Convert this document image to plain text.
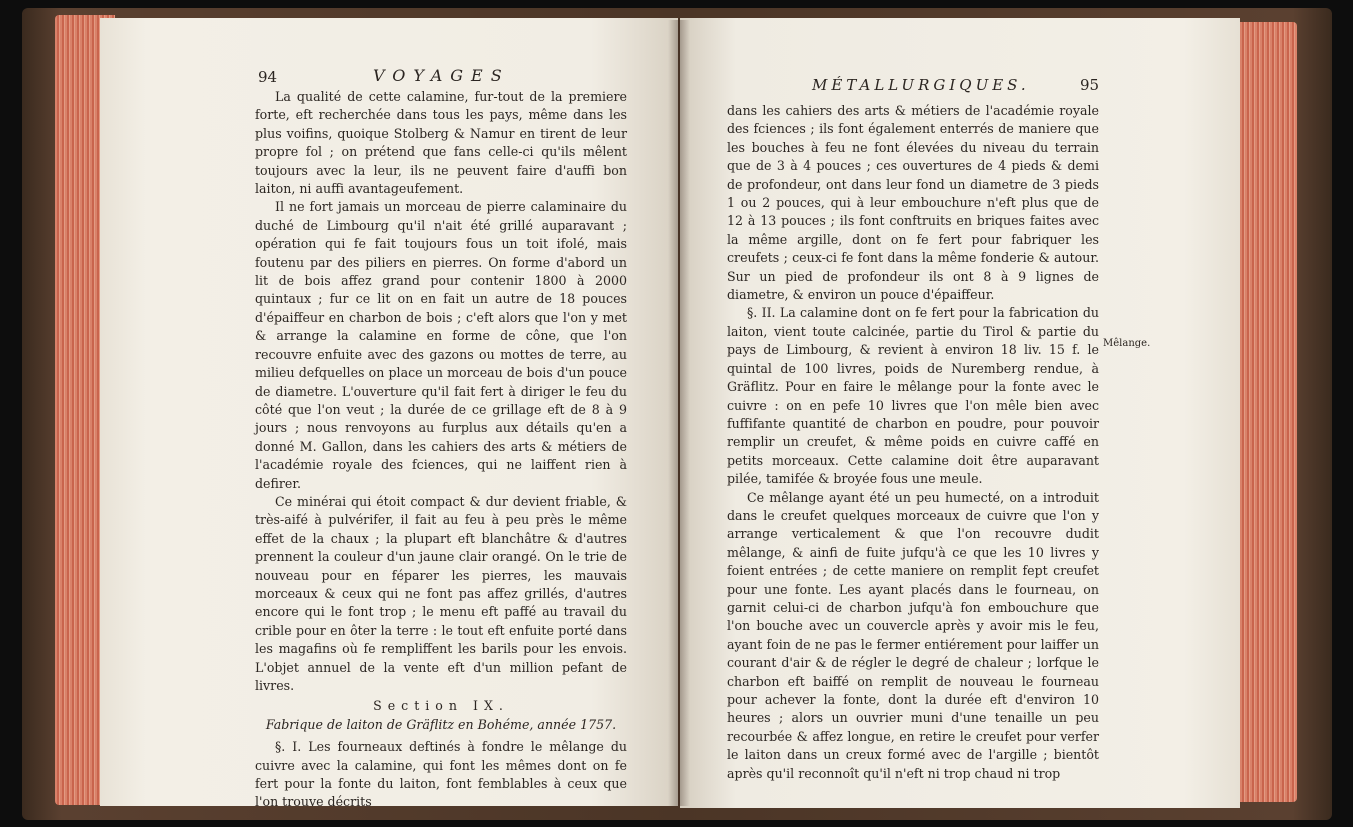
94	VOYAGES

La qualité de cette calamine, fur-tout de la premiere forte, eft recherchée dans tous les pays, même dans les plus voifins, quoique Stolberg & Namur en tirent de leur propre fol ; on prétend que fans celle-ci qu'ils mêlent toujours avec la leur, ils ne peuvent faire d'auffi bon laiton, ni auffi avantageufement.

Il ne fort jamais un morceau de pierre calaminaire du duché de Limbourg qu'il n'ait été grillé auparavant ; opération qui fe fait toujours fous un toit ifolé, mais foutenu par des piliers en pierres. On forme d'abord un lit de bois affez grand pour contenir 1800 à 2000 quintaux ; fur ce lit on en fait un autre de 18 pouces d'épaiffeur en charbon de bois ; c'eft alors que l'on y met & arrange la calamine en forme de cône, que l'on recouvre enfuite avec des gazons ou mottes de terre, au milieu defquelles on place un morceau de bois d'un pouce de diametre. L'ouverture qu'il fait fert à diriger le feu du côté que l'on veut ; la durée de ce grillage eft de 8 à 9 jours ; nous renvoyons au furplus aux détails qu'en a donné M. Gallon, dans les cahiers des arts & métiers de l'académie royale des fciences, qui ne laiffent rien à defirer.

Ce minérai qui étoit compact & dur devient friable, & très-aifé à pulvérifer, il fait au feu à peu près le même effet de la chaux ; la plupart eft blanchâtre & d'autres prennent la couleur d'un jaune clair orangé. On le trie de nouveau pour en féparer les pierres, les mauvais morceaux & ceux qui ne font pas affez grillés, d'autres encore qui le font trop ; le menu eft paffé au travail du crible pour en ôter la terre : le tout eft enfuite porté dans les magafins où fe rempliffent les barils pour les envois. L'objet annuel de la vente eft d'un million pefant de livres.

Section IX.

Fabrique de laiton de Gräflitz en Bohéme, année 1757.

§. I. Les fourneaux deftinés à fondre le mêlange du cuivre avec la calamine, qui font les mêmes dont on fe fert pour la fonte du laiton, font femblables à ceux que l'on trouve décrits

MÉTALLURGIQUES.	95

dans les cahiers des arts & métiers de l'académie royale des fciences ; ils font également enterrés de maniere que les bouches à feu ne font élevées du niveau du terrain que de 3 à 4 pouces ; ces ouvertures de 4 pieds & demi de profondeur, ont dans leur fond un diametre de 3 pieds 1 ou 2 pouces, qui à leur embouchure n'eft plus que de 12 à 13 pouces ; ils font conftruits en briques faites avec la même argille, dont on fe fert pour fabriquer les creufets ; ceux-ci fe font dans la même fonderie & autour. Sur un pied de profondeur ils ont 8 à 9 lignes de diametre, & environ un pouce d'épaiffeur.

§. II. La calamine dont on fe fert pour la fabrication du laiton, vient toute calcinée, partie du Tirol & partie du pays de Limbourg, & revient à environ 18 liv. 15 f. le quintal de 100 livres, poids de Nuremberg rendue, à Gräflitz. Pour en faire le mêlange pour la fonte avec le cuivre : on en pefe 10 livres que l'on mêle bien avec fuffifante quantité de charbon en poudre, pour pouvoir remplir un creufet, & même poids en cuivre caffé en petits morceaux. Cette calamine doit être auparavant pilée, tamifée & broyée fous une meule.

Ce mêlange ayant été un peu humecté, on a introduit dans le creufet quelques morceaux de cuivre que l'on y arrange verticalement & que l'on recouvre dudit mêlange, & ainfi de fuite jufqu'à ce que les 10 livres y foient entrées ; de cette maniere on remplit fept creufet pour une fonte. Les ayant placés dans le fourneau, on garnit celui-ci de charbon jufqu'à fon embouchure que l'on bouche avec un couvercle après y avoir mis le feu, ayant foin de ne pas le fermer entiérement pour laiffer un courant d'air & de régler le degré de chaleur ; lorfque le charbon eft baiffé on remplit de nouveau le fourneau pour achever la fonte, dont la durée eft d'environ 10 heures ; alors un ouvrier muni d'une tenaille un peu recourbée & affez longue, en retire le creufet pour verfer le laiton dans un creux formé avec de l'argille ; bientôt après qu'il reconnoît qu'il n'eft ni trop chaud ni trop

Mêlange.
